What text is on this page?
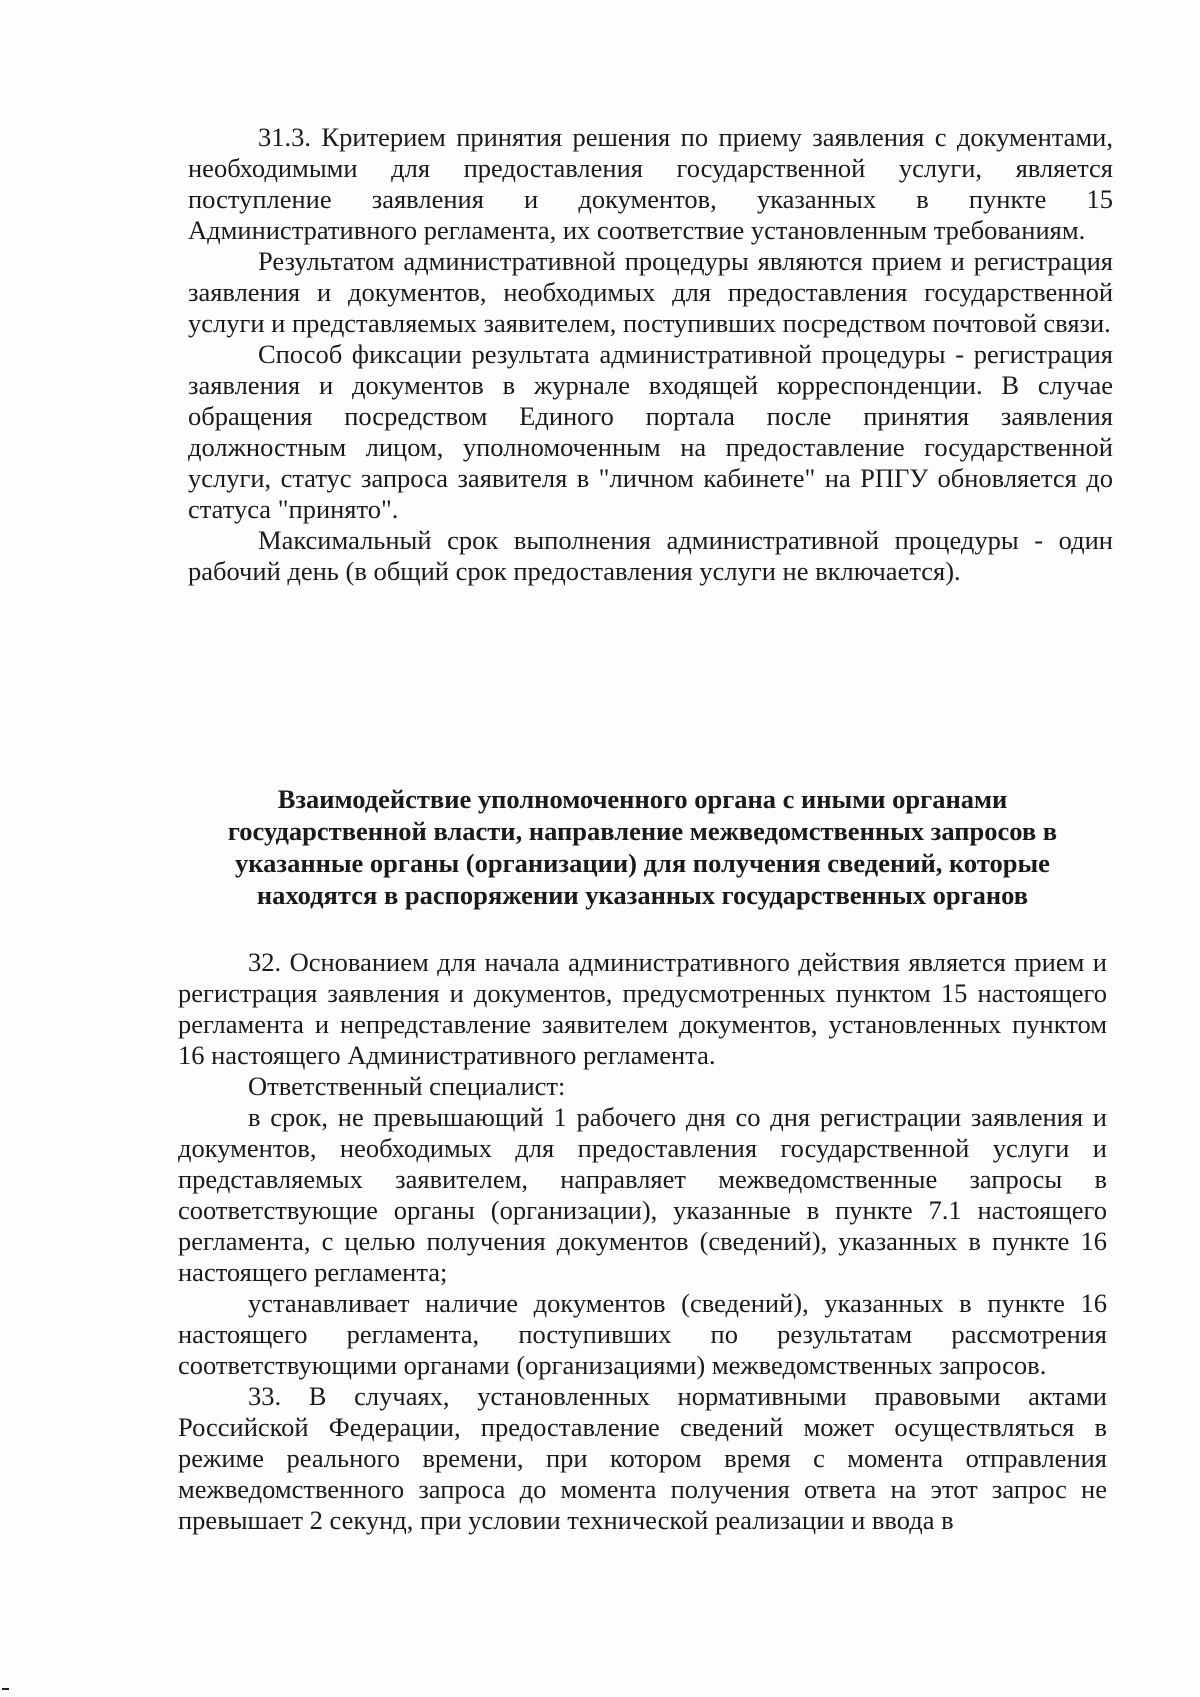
31.3. Критерием принятия решения по приему заявления с документами, необходимыми для предоставления государственной услуги, является поступление заявления и документов, указанных в пункте 15 Административного регламента, их соответствие установленным требованиям.

Результатом административной процедуры являются прием и регистрация заявления и документов, необходимых для предоставления государственной услуги и представляемых заявителем, поступивших посредством почтовой связи.

Способ фиксации результата административной процедуры - регистрация заявления и документов в журнале входящей корреспонденции. В случае обращения посредством Единого портала после принятия заявления должностным лицом, уполномоченным на предоставление государственной услуги, статус запроса заявителя в "личном кабинете" на РПГУ обновляется до статуса "принято".

Максимальный срок выполнения административной процедуры - один рабочий день (в общий срок предоставления услуги не включается).

Взаимодействие уполномоченного органа с иными органами
государственной власти, направление межведомственных запросов в
указанные органы (организации) для получения сведений, которые
находятся в распоряжении указанных государственных органов

32. Основанием для начала административного действия является прием и регистрация заявления и документов, предусмотренных пунктом 15 настоящего регламента и непредставление заявителем документов, установленных пунктом 16 настоящего Административного регламента.

Ответственный специалист:

в срок, не превышающий 1 рабочего дня со дня регистрации заявления и документов, необходимых для предоставления государственной услуги и представляемых заявителем, направляет межведомственные запросы в соответствующие органы (организации), указанные в пункте 7.1 настоящего регламента, с целью получения документов (сведений), указанных в пункте 16 настоящего регламента;

устанавливает наличие документов (сведений), указанных в пункте 16 настоящего регламента, поступивших по результатам рассмотрения соответствующими органами (организациями) межведомственных запросов.

33. В случаях, установленных нормативными правовыми актами Российской Федерации, предоставление сведений может осуществляться в режиме реального времени, при котором время с момента отправления межведомственного запроса до момента получения ответа на этот запрос не превышает 2 секунд, при условии технической реализации и ввода в
